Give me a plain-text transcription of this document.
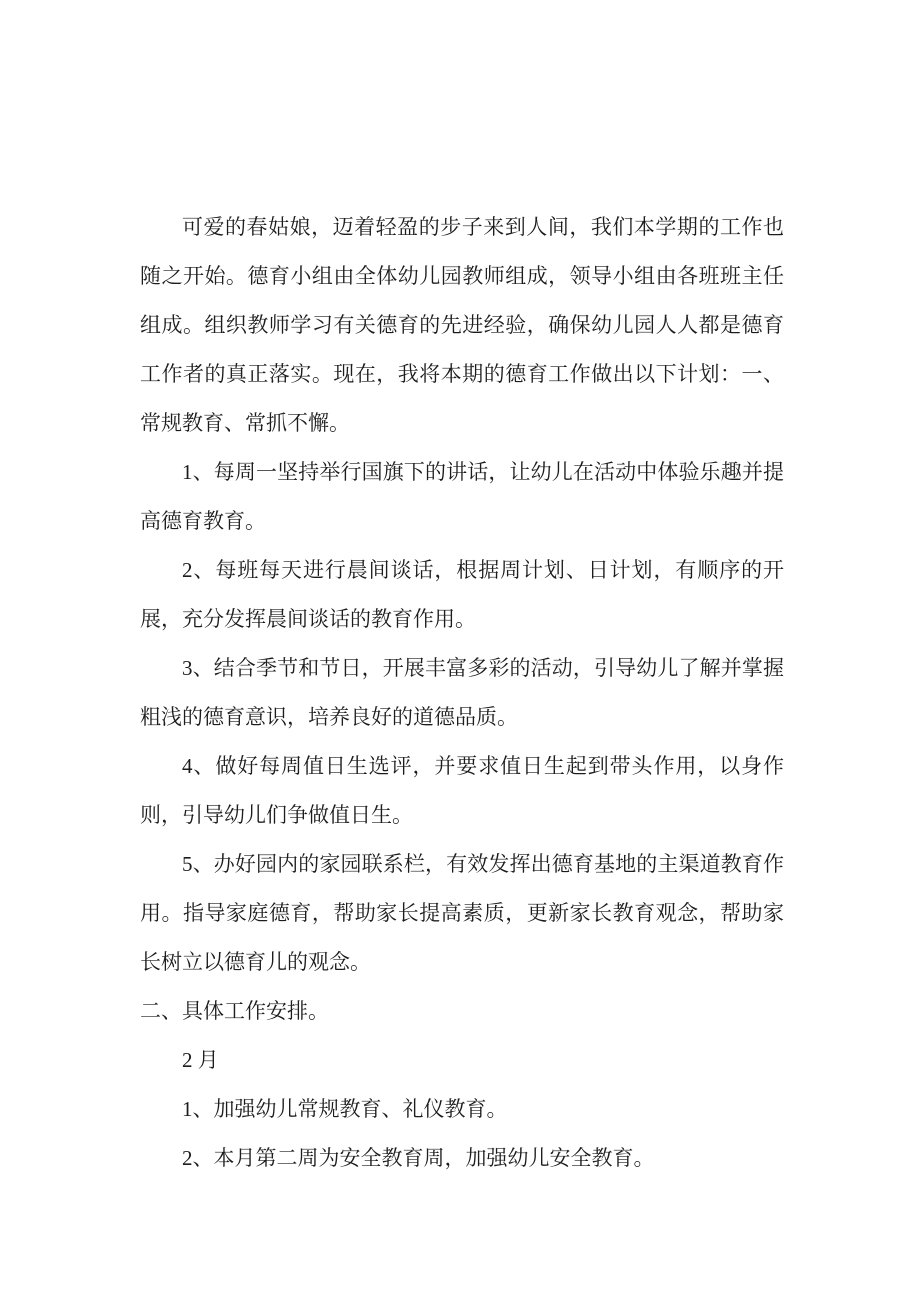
可爱的春姑娘，迈着轻盈的步子来到人间，我们本学期的工作也随之开始。德育小组由全体幼儿园教师组成，领导小组由各班班主任组成。组织教师学习有关德育的先进经验，确保幼儿园人人都是德育工作者的真正落实。现在，我将本期的德育工作做出以下计划：一、常规教育、常抓不懈。

1、每周一坚持举行国旗下的讲话，让幼儿在活动中体验乐趣并提高德育教育。

2、每班每天进行晨间谈话，根据周计划、日计划，有顺序的开展，充分发挥晨间谈话的教育作用。

3、结合季节和节日，开展丰富多彩的活动，引导幼儿了解并掌握粗浅的德育意识，培养良好的道德品质。

4、做好每周值日生选评，并要求值日生起到带头作用，以身作则，引导幼儿们争做值日生。

5、办好园内的家园联系栏，有效发挥出德育基地的主渠道教育作用。指导家庭德育，帮助家长提高素质，更新家长教育观念，帮助家长树立以德育儿的观念。

二、具体工作安排。

2 月

1、加强幼儿常规教育、礼仪教育。

2、本月第二周为安全教育周，加强幼儿安全教育。
